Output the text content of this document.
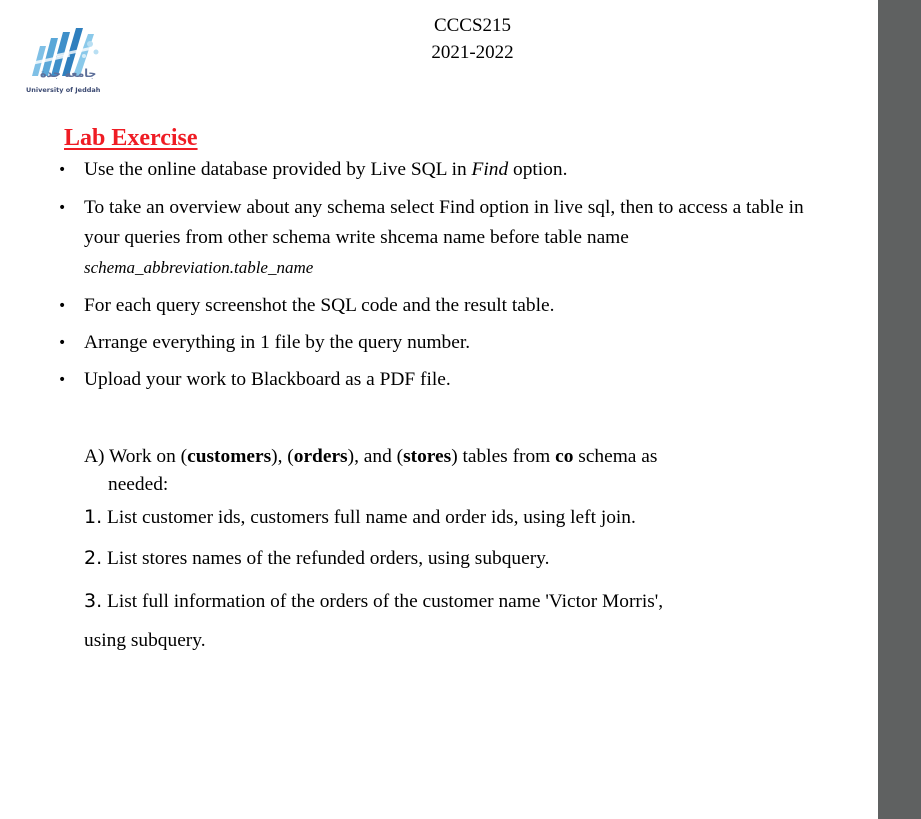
جامعة جدة
University of Jeddah
CCCS215
2021-2022
Lab Exercise
• Use the online database provided by Live SQL in Find option.
• To take an overview about any schema select Find option in live sql, then to access a table in your queries from other schema write shcema name before table name schema_abbreviation.table_name
• For each query screenshot the SQL code and the result table.
• Arrange everything in 1 file by the query number.
• Upload your work to Blackboard as a PDF file.
A) Work on (customers), (orders), and (stores) tables from co schema as
needed:
1. List customer ids, customers full name and order ids, using left join.
2. List stores names of the refunded orders, using subquery.
3. List full information of the orders of the customer name 'Victor Morris',
using subquery.
